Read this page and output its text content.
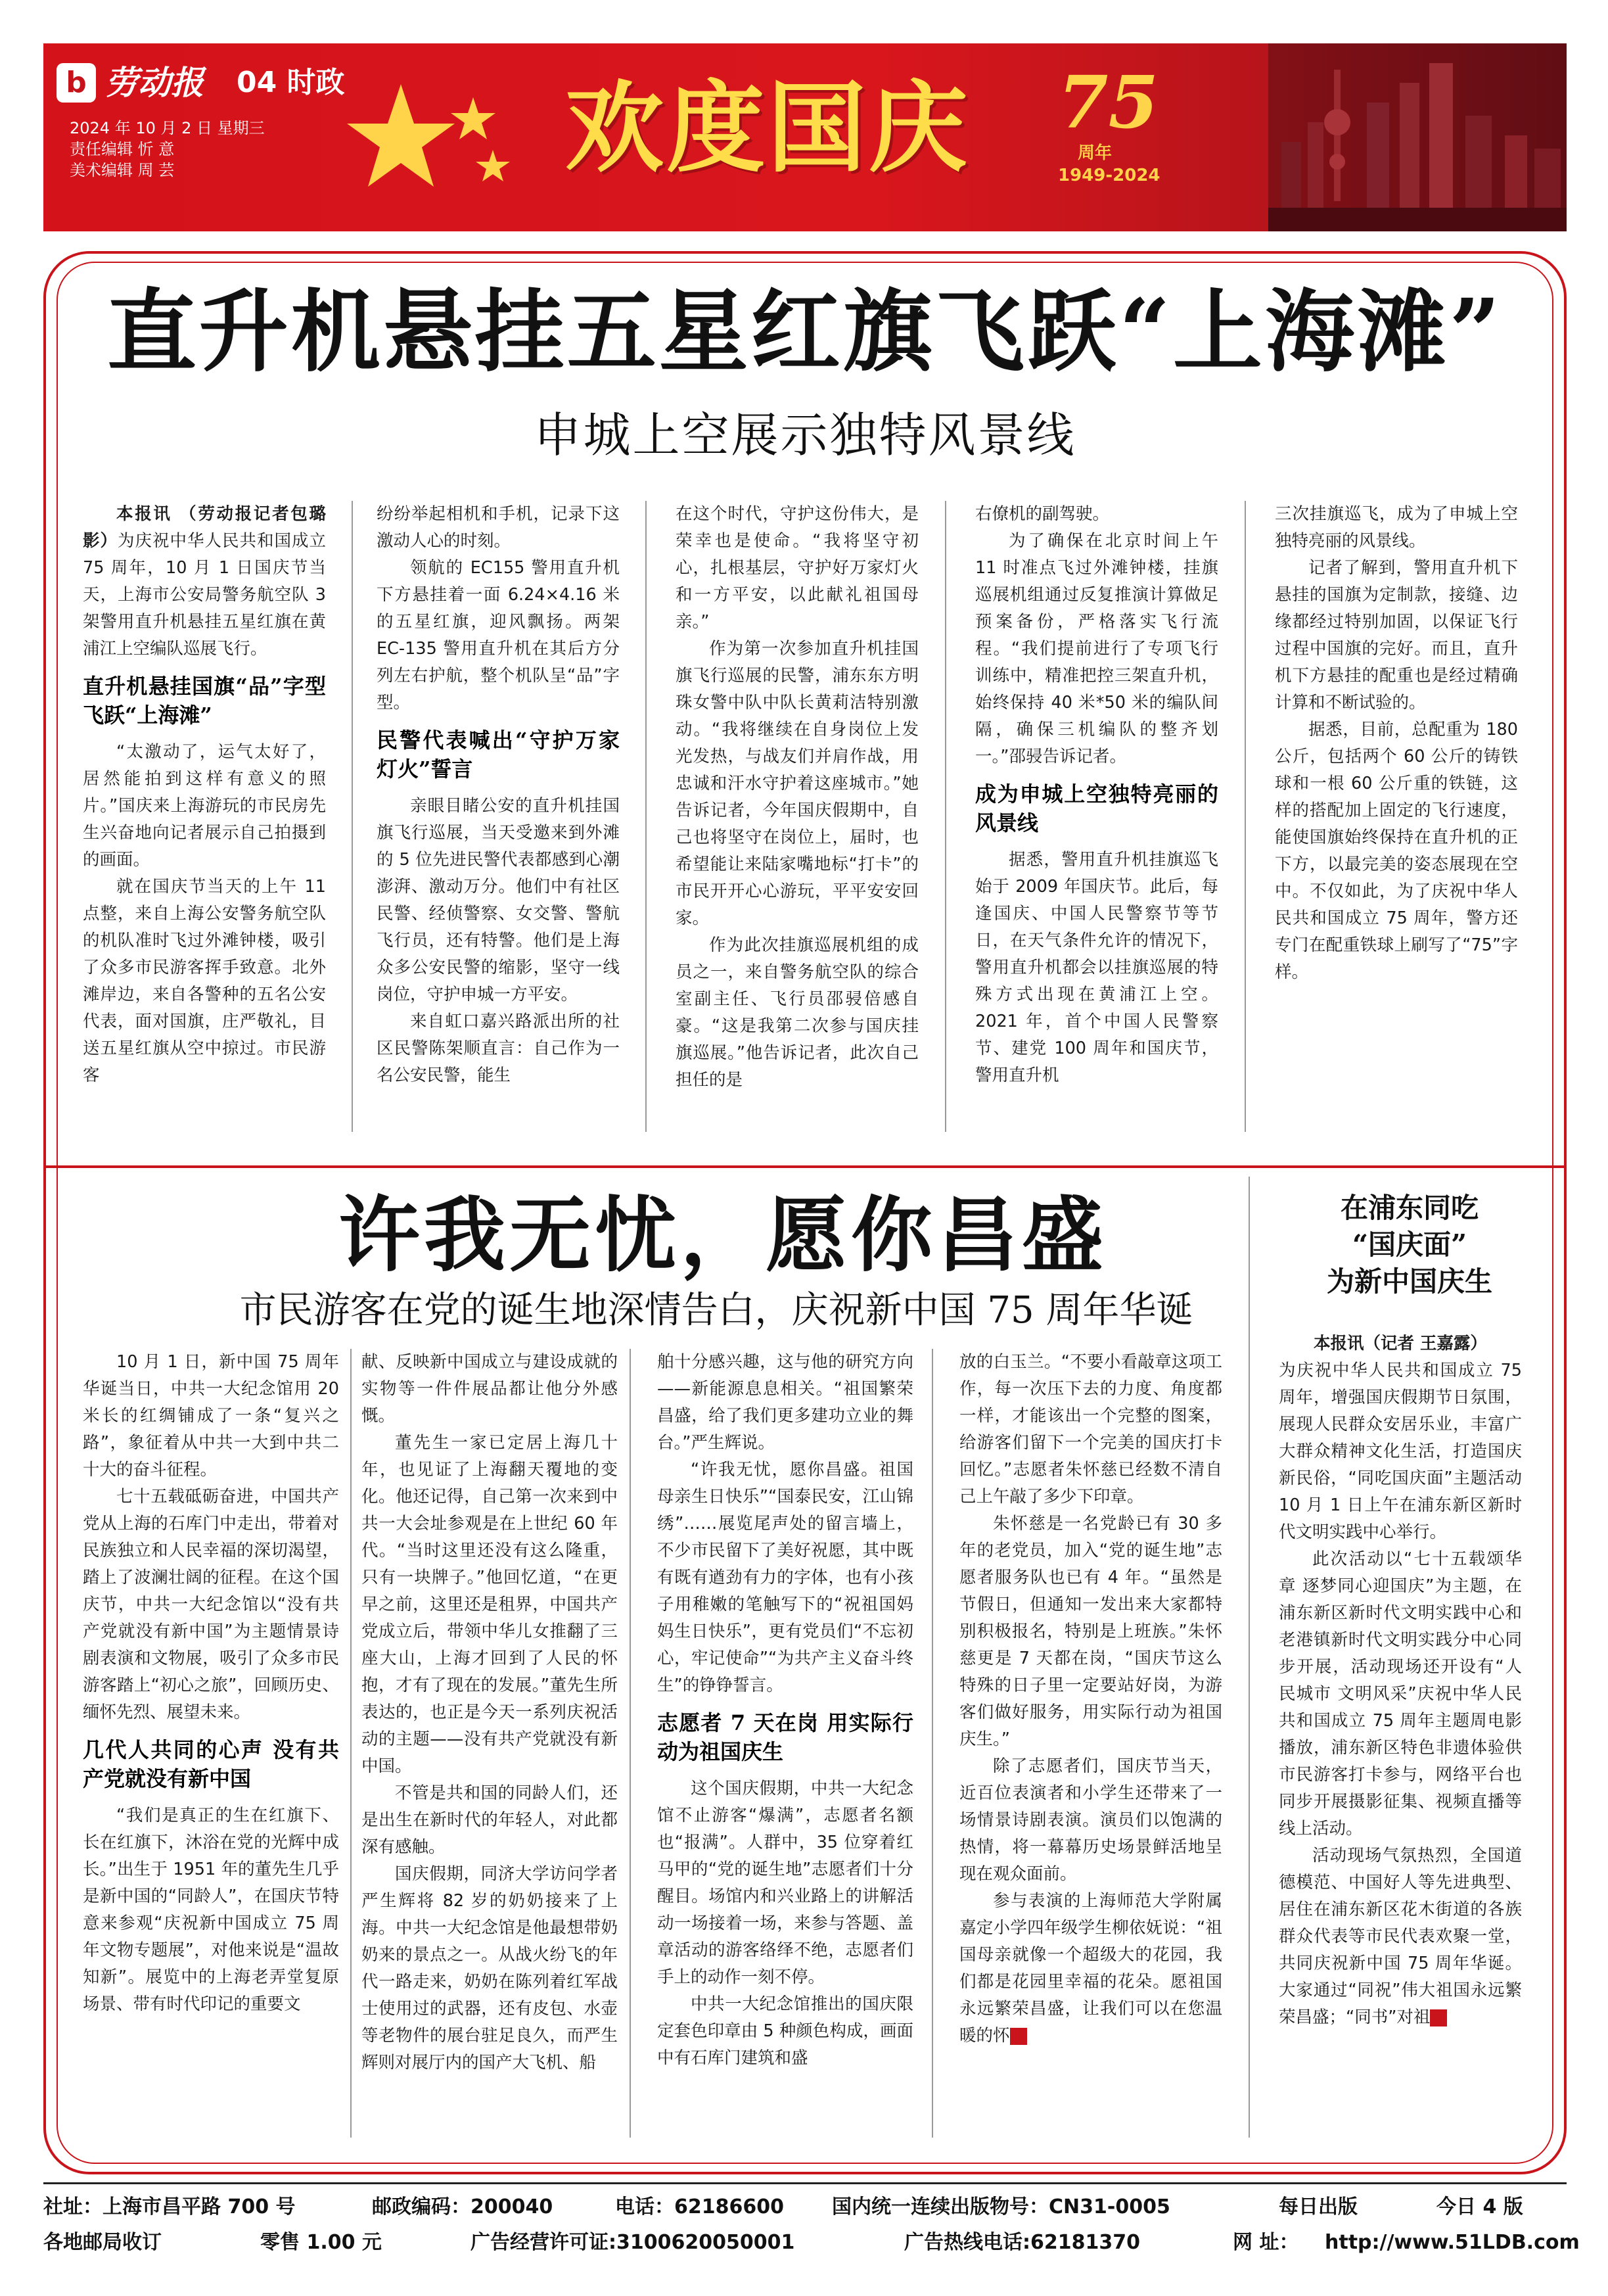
b 劳动报 04 时政
2024 年 10 月 2 日 星期三
责任编辑 忻 意
美术编辑 周 芸	欢度国庆 75
周年
1949-2024
直升机悬挂五星红旗飞跃“上海滩”
申城上空展示独特风景线

本报讯 （劳动报记者包璐影）为庆祝中华人民共和国成立 75 周年，10 月 1 日国庆节当天，上海市公安局警务航空队 3 架警用直升机悬挂五星红旗在黄浦江上空编队巡展飞行。

直升机悬挂国旗“品”字型飞跃“上海滩”

“太激动了，运气太好了，居然能拍到这样有意义的照片。”国庆来上海游玩的市民房先生兴奋地向记者展示自己拍摄到的画面。

就在国庆节当天的上午 11 点整，来自上海公安警务航空队的机队准时飞过外滩钟楼，吸引了众多市民游客挥手致意。北外滩岸边，来自各警种的五名公安代表，面对国旗，庄严敬礼，目送五星红旗从空中掠过。市民游客

纷纷举起相机和手机，记录下这激动人心的时刻。

领航的 EC155 警用直升机下方悬挂着一面 6.24×4.16 米的五星红旗，迎风飘扬。两架 EC-135 警用直升机在其后方分列左右护航，整个机队呈“品”字型。

民警代表喊出“守护万家灯火”誓言

亲眼目睹公安的直升机挂国旗飞行巡展，当天受邀来到外滩的 5 位先进民警代表都感到心潮澎湃、激动万分。他们中有社区民警、经侦警察、女交警、警航飞行员，还有特警。他们是上海众多公安民警的缩影，坚守一线岗位，守护申城一方平安。

来自虹口嘉兴路派出所的社区民警陈架顺直言：自己作为一名公安民警，能生

在这个时代，守护这份伟大，是荣幸也是使命。“我将坚守初心，扎根基层，守护好万家灯火和一方平安，以此献礼祖国母亲。”

作为第一次参加直升机挂国旗飞行巡展的民警，浦东东方明珠女警中队中队长黄莉洁特别激动。“我将继续在自身岗位上发光发热，与战友们并肩作战，用忠诚和汗水守护着这座城市。”她告诉记者，今年国庆假期中，自己也将坚守在岗位上，届时，也希望能让来陆家嘴地标“打卡”的市民开开心心游玩，平平安安回家。

作为此次挂旗巡展机组的成员之一，来自警务航空队的综合室副主任、飞行员邵骎倍感自豪。“这是我第二次参与国庆挂旗巡展。”他告诉记者，此次自己担任的是

右僚机的副驾驶。

为了确保在北京时间上午 11 时准点飞过外滩钟楼，挂旗巡展机组通过反复推演计算做足预案备份，严格落实飞行流程。“我们提前进行了专项飞行训练中，精准把控三架直升机，始终保持 40 米*50 米的编队间隔，确保三机编队的整齐划一。”邵骎告诉记者。

成为申城上空独特亮丽的风景线

据悉，警用直升机挂旗巡飞始于 2009 年国庆节。此后，每逢国庆、中国人民警察节等节日，在天气条件允许的情况下，警用直升机都会以挂旗巡展的特殊方式出现在黄浦江上空。2021 年，首个中国人民警察节、建党 100 周年和国庆节，警用直升机

三次挂旗巡飞，成为了申城上空独特亮丽的风景线。

记者了解到，警用直升机下悬挂的国旗为定制款，接缝、边缘都经过特别加固，以保证飞行过程中国旗的完好。而且，直升机下方悬挂的配重也是经过精确计算和不断试验的。

据悉，目前，总配重为 180 公斤，包括两个 60 公斤的铸铁球和一根 60 公斤重的铁链，这样的搭配加上固定的飞行速度，能使国旗始终保持在直升机的正下方，以最完美的姿态展现在空中。不仅如此，为了庆祝中华人民共和国成立 75 周年，警方还专门在配重铁球上刷写了“75”字样。

许我无忧，愿你昌盛
市民游客在党的诞生地深情告白，庆祝新中国 75 周年华诞
在浦东同吃
“国庆面”
为新中国庆生

10 月 1 日，新中国 75 周年华诞当日，中共一大纪念馆用 20 米长的红绸铺成了一条“复兴之路”，象征着从中共一大到中共二十大的奋斗征程。

七十五载砥砺奋进，中国共产党从上海的石库门中走出，带着对民族独立和人民幸福的深切渴望，踏上了波澜壮阔的征程。在这个国庆节，中共一大纪念馆以“没有共产党就没有新中国”为主题情景诗剧表演和文物展，吸引了众多市民游客踏上“初心之旅”，回顾历史、缅怀先烈、展望未来。

几代人共同的心声 没有共产党就没有新中国

“我们是真正的生在红旗下、长在红旗下，沐浴在党的光辉中成长。”出生于 1951 年的董先生几乎是新中国的“同龄人”，在国庆节特意来参观“庆祝新中国成立 75 周年文物专题展”，对他来说是“温故知新”。展览中的上海老弄堂复原场景、带有时代印记的重要文

献、反映新中国成立与建设成就的实物等一件件展品都让他分外感慨。

董先生一家已定居上海几十年，也见证了上海翻天覆地的变化。他还记得，自己第一次来到中共一大会址参观是在上世纪 60 年代。“当时这里还没有这么隆重，只有一块牌子。”他回忆道，“在更早之前，这里还是租界，中国共产党成立后，带领中华儿女推翻了三座大山，上海才回到了人民的怀抱，才有了现在的发展。”董先生所表达的，也正是今天一系列庆祝活动的主题——没有共产党就没有新中国。

不管是共和国的同龄人们，还是出生在新时代的年轻人，对此都深有感触。

国庆假期，同济大学访问学者严生辉将 82 岁的奶奶接来了上海。中共一大纪念馆是他最想带奶奶来的景点之一。从战火纷飞的年代一路走来，奶奶在陈列着红军战士使用过的武器，还有皮包、水壶等老物件的展台驻足良久，而严生辉则对展厅内的国产大飞机、船

舶十分感兴趣，这与他的研究方向——新能源息息相关。“祖国繁荣昌盛，给了我们更多建功立业的舞台。”严生辉说。

“许我无忧，愿你昌盛。祖国母亲生日快乐”“国泰民安，江山锦绣”……展览尾声处的留言墙上，不少市民留下了美好祝愿，其中既有既有遒劲有力的字体，也有小孩子用稚嫩的笔触写下的“祝祖国妈妈生日快乐”，更有党员们“不忘初心，牢记使命”“为共产主义奋斗终生”的铮铮誓言。

志愿者 7 天在岗 用实际行动为祖国庆生

这个国庆假期，中共一大纪念馆不止游客“爆满”，志愿者名额也“报满”。人群中，35 位穿着红马甲的“党的诞生地”志愿者们十分醒目。场馆内和兴业路上的讲解活动一场接着一场，来参与答题、盖章活动的游客络绎不绝，志愿者们手上的动作一刻不停。

中共一大纪念馆推出的国庆限定套色印章由 5 种颜色构成，画面中有石库门建筑和盛

放的白玉兰。“不要小看敲章这项工作，每一次压下去的力度、角度都一样，才能该出一个完整的图案，给游客们留下一个完美的国庆打卡回忆。”志愿者朱怀慈已经数不清自己上午敲了多少下印章。

朱怀慈是一名党龄已有 30 多年的老党员，加入“党的诞生地”志愿者服务队也已有 4 年。“虽然是节假日，但通知一发出来大家都特别积极报名，特别是上班族。”朱怀慈更是 7 天都在岗，“国庆节这么特殊的日子里一定要站好岗，为游客们做好服务，用实际行动为祖国庆生。”

除了志愿者们，国庆节当天，近百位表演者和小学生还带来了一场情景诗剧表演。演员们以饱满的热情，将一幕幕历史场景鲜活地呈现在观众面前。

参与表演的上海师范大学附属嘉定小学四年级学生柳依妩说：“祖国母亲就像一个超级大的花园，我们都是花园里幸福的花朵。愿祖国永远繁荣昌盛，让我们可以在您温暖的怀	15

本报讯（记者 王嘉露）

为庆祝中华人民共和国成立 75 周年，增强国庆假期节日氛围，展现人民群众安居乐业，丰富广大群众精神文化生活，打造国庆新民俗，“同吃国庆面”主题活动 10 月 1 日上午在浦东新区新时代文明实践中心举行。

此次活动以“七十五载颂华章 逐梦同心迎国庆”为主题，在浦东新区新时代文明实践中心和老港镇新时代文明实践分中心同步开展，活动现场还开设有“人民城市 文明风采”庆祝中华人民共和国成立 75 周年主题周电影播放，浦东新区特色非遗体验供市民游客打卡参与，网络平台也同步开展摄影征集、视频直播等线上活动。

活动现场气氛热烈，全国道德模范、中国好人等先进典型、居住在浦东新区花木街道的各族群众代表等市民代表欢聚一堂，共同庆祝新中国 75 周年华诞。大家通过“同祝”伟大祖国永远繁荣昌盛；“同书”对祖	20

社址：上海市昌平路 700 号	邮政编码：200040	电话：62186600 国内统一连续出版物号：CN31-0005	每日出版	今日 4 版
各地邮局收订	零售 1.00 元	广告经营许可证:3100620050001	广告热线电话:62181370	网 址： http://www.51LDB.com
